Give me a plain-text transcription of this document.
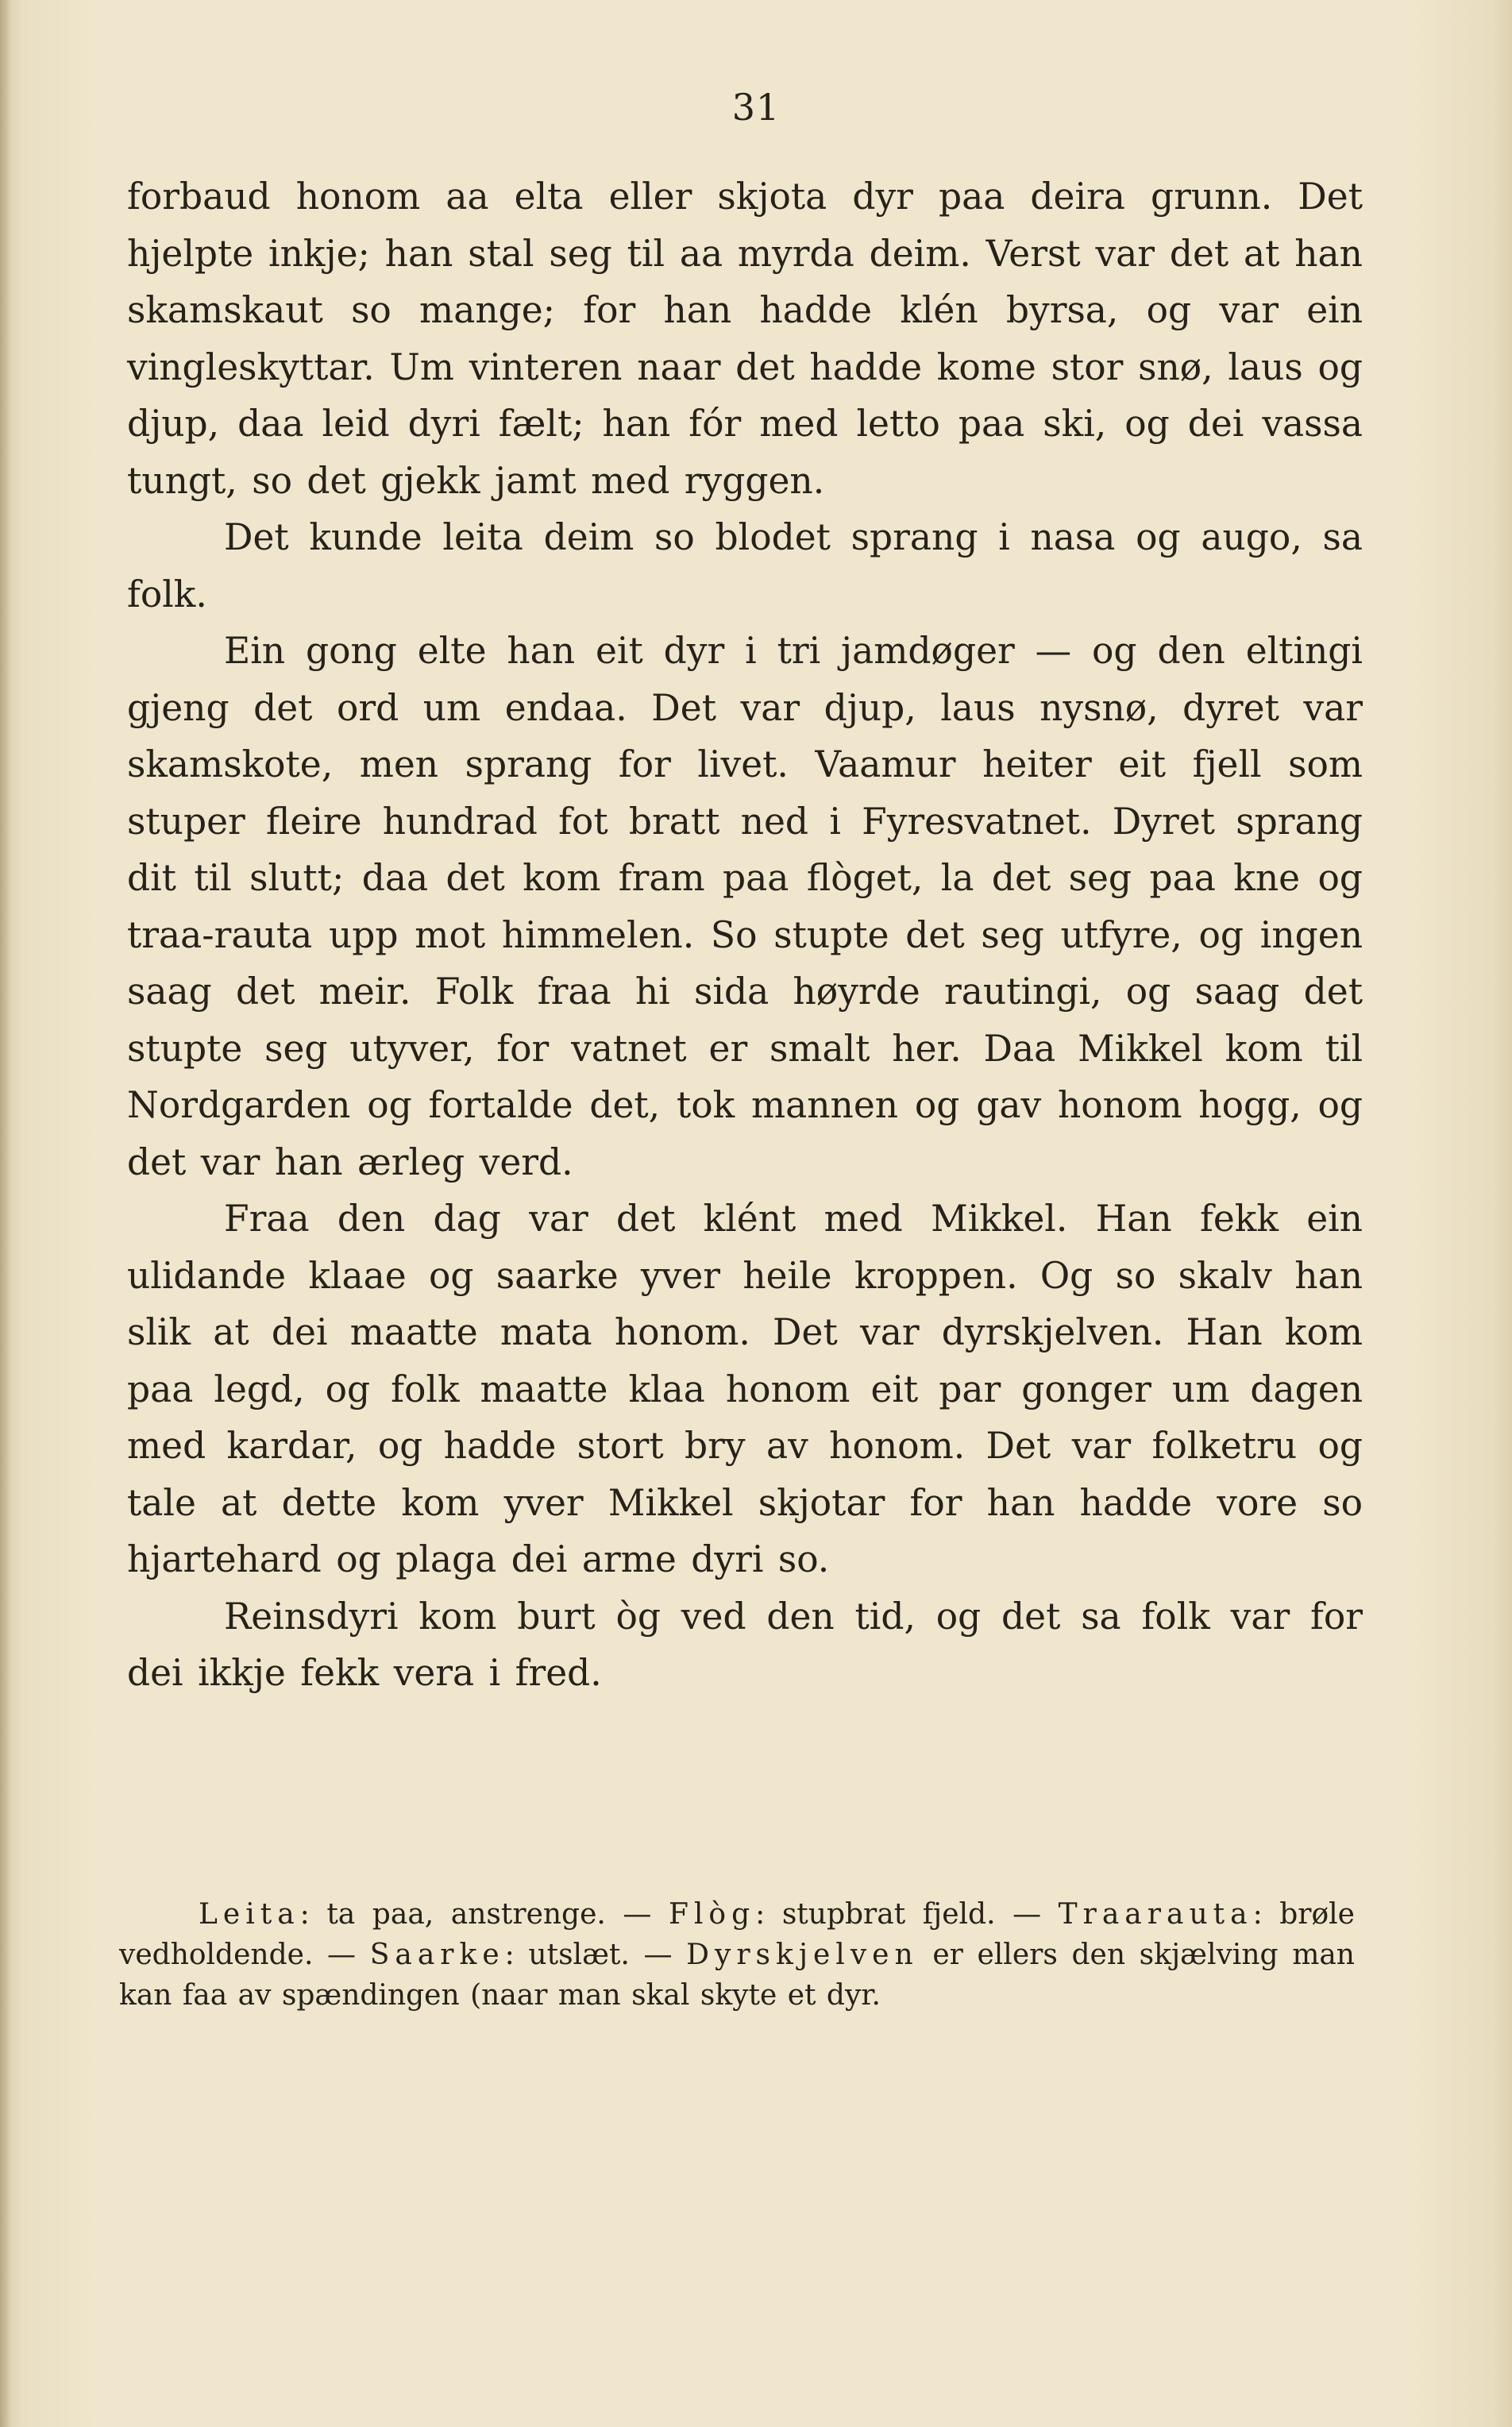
31

forbaud honom aa elta eller skjota dyr paa deira grunn. Det hjelpte inkje; han stal seg til aa myrda deim. Verst var det at han skamskaut so mange; for han hadde klén byrsa, og var ein vingleskyttar. Um vinteren naar det hadde kome stor snø, laus og djup, daa leid dyri fælt; han fór med letto paa ski, og dei vassa tungt, so det gjekk jamt med ryggen.

Det kunde leita deim so blodet sprang i nasa og augo, sa folk.

Ein gong elte han eit dyr i tri jamdøger — og den eltingi gjeng det ord um endaa. Det var djup, laus nysnø, dyret var skamskote, men sprang for livet. Vaamur heiter eit fjell som stuper fleire hundrad fot bratt ned i Fyresvatnet. Dyret sprang dit til slutt; daa det kom fram paa flòget, la det seg paa kne og traa-rauta upp mot himmelen. So stupte det seg utfyre, og ingen saag det meir. Folk fraa hi sida høyrde rautingi, og saag det stupte seg utyver, for vatnet er smalt her. Daa Mikkel kom til Nordgarden og fortalde det, tok mannen og gav honom hogg, og det var han ærleg verd.

Fraa den dag var det klént med Mikkel. Han fekk ein ulidande klaae og saarke yver heile kroppen. Og so skalv han slik at dei maatte mata honom. Det var dyrskjelven. Han kom paa legd, og folk maatte klaa honom eit par gonger um dagen med kardar, og hadde stort bry av honom. Det var folketru og tale at dette kom yver Mikkel skjotar for han hadde vore so hjartehard og plaga dei arme dyri so.

Reinsdyri kom burt òg ved den tid, og det sa folk var for dei ikkje fekk vera i fred.

Leita: ta paa, anstrenge. — Flòg: stupbrat fjeld. — Traarauta: brøle vedholdende. — Saarke: utslæt. — Dyrskjelven er ellers den skjælving man kan faa av spændingen (naar man skal skyte et dyr.
